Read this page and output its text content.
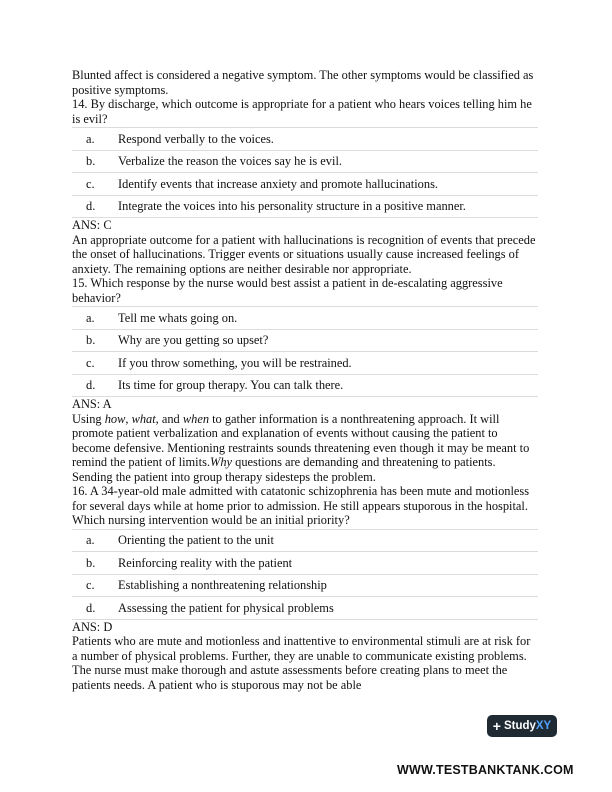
Blunted affect is considered a negative symptom. The other symptoms would be classified as positive symptoms.

14. By discharge, which outcome is appropriate for a patient who hears voices telling him he is evil?

a.	Respond verbally to the voices.
b.	Verbalize the reason the voices say he is evil.
c.	Identify events that increase anxiety and promote hallucinations.
d.	Integrate the voices into his personality structure in a positive manner.

ANS: C

An appropriate outcome for a patient with hallucinations is recognition of events that precede the onset of hallucinations. Trigger events or situations usually cause increased feelings of anxiety. The remaining options are neither desirable nor appropriate.

15. Which response by the nurse would best assist a patient in de-escalating aggressive behavior?

a.	Tell me whats going on.
b.	Why are you getting so upset?
c.	If you throw something, you will be restrained.
d.	Its time for group therapy. You can talk there.

ANS: A

Using how, what, and when to gather information is a nonthreatening approach. It will promote patient verbalization and explanation of events without causing the patient to become defensive. Mentioning restraints sounds threatening even though it may be meant to remind the patient of limits.Why questions are demanding and threatening to patients. Sending the patient into group therapy sidesteps the problem.

16. A 34-year-old male admitted with catatonic schizophrenia has been mute and motionless for several days while at home prior to admission. He still appears stuporous in the hospital. Which nursing intervention would be an initial priority?

a.	Orienting the patient to the unit
b.	Reinforcing reality with the patient
c.	Establishing a nonthreatening relationship
d.	Assessing the patient for physical problems

ANS: D

Patients who are mute and motionless and inattentive to environmental stimuli are at risk for a number of physical problems. Further, they are unable to communicate existing problems. The nurse must make thorough and astute assessments before creating plans to meet the patients needs. A patient who is stuporous may not be able

+ StudyXY
WWW.TESTBANKTANK.COM
